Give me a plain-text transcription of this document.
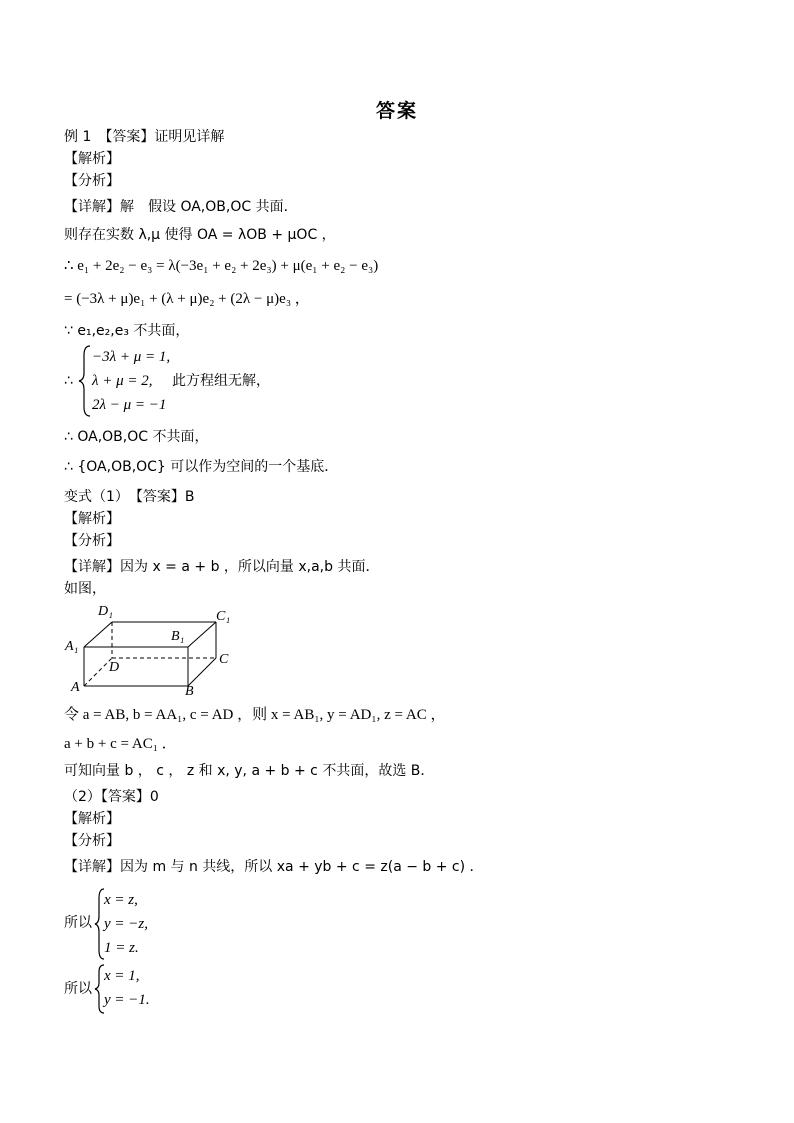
答案
例 1　【答案】证明见详解
【解析】
【分析】
【详解】解　假设 OA,OB,OC 共面．
则存在实数 λ,μ 使得 OA = λOB + μOC ，
∴ e₁ + 2e₂ − e₃ = λ(−3e₁ + e₂ + 2e₃) + μ(e₁ + e₂ − e₃)
= (−3λ + μ)e₁ + (λ + μ)e₂ + (2λ − μ)e₃ ，
∵ e₁,e₂,e₃ 不共面，
∴
−3λ + μ = 1,
λ + μ = 2,
2λ − μ = −1
此方程组无解，
∴ OA,OB,OC 不共面，
∴ {OA,OB,OC} 可以作为空间的一个基底．
变式（1）　【答案】B
【解析】
【分析】
【详解】因为 x = a + b ，所以向量 x,a,b 共面．
如图，
D₁	C₁
A₁
B₁
D
C
A	B
令 a = AB, b = AA₁, c = AD ，则 x = AB₁, y = AD₁, z = AC ，
a + b + c = AC₁ ．
可知向量 b ， c ， z 和 x, y, a + b + c 不共面，故选 B．
（2）【答案】0
【解析】
【分析】
【详解】因为 m 与 n 共线，所以 xa + yb + c = z(a − b + c) ．
所以
x = z,
y = −z,
1 = z.
所以
x = 1,
y = −1.
